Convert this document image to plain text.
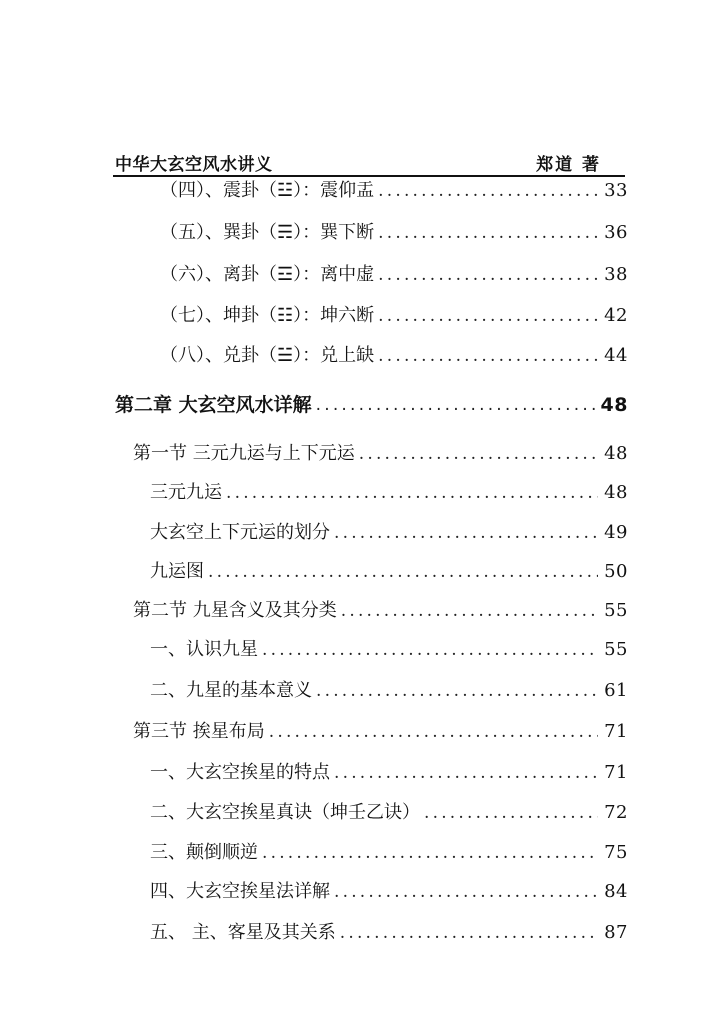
中华大玄空风水讲义	郑道 著
（四）、震卦（☳）：震仰盂 .....	33
（五）、巽卦（☴）：巽下断 .....	36
（六）、离卦（☲）：离中虚 .....	38
（七）、坤卦（☷）：坤六断 .....	42
（八）、兑卦（☱）：兑上缺 .....	44
第二章 大玄空风水详解 .....	48
第一节 三元九运与上下元运 .....	48
三元九运 .....	48
大玄空上下元运的划分 .....	49
九运图 .....	50
第二节 九星含义及其分类 .....	55
一、认识九星 .....	55
二、九星的基本意义 .....	61
第三节 挨星布局 .....	71
一、大玄空挨星的特点 .....	71
二、大玄空挨星真诀（坤壬乙诀） .....	72
三、颠倒顺逆 .....	75
四、大玄空挨星法详解 .....	84
五、 主、客星及其关系 .....	87
